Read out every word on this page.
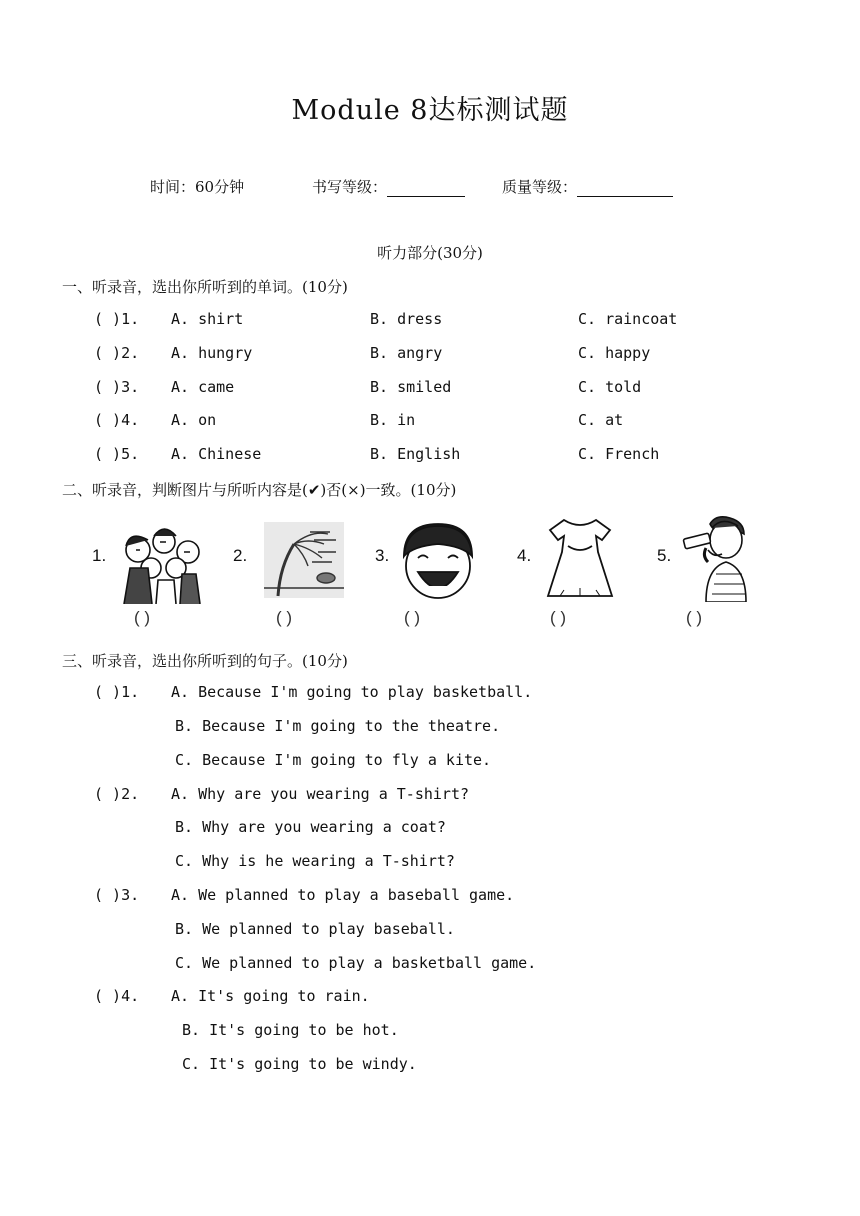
Module 8达标测试题
时间：60分钟	书写等级：	质量等级：
听力部分(30分)
一、听录音，选出你所听到的单词。(10分)
( )1. A. shirt	B. dress	C. raincoat
( )2. A. hungry	B. angry	C. happy
( )3. A. came	B. smiled	C. told
( )4. A. on	B. in	C. at
( )5. A. Chinese	B. English	C. French
二、听录音，判断图片与所听内容是(✔)否(×)一致。(10分)
1.
( )
2.
( )
3.
( )
4.
( )
5.
( )
三、听录音，选出你所听到的句子。(10分)
( )1. A. Because I'm going to play basketball.
B. Because I'm going to the theatre.
C. Because I'm going to fly a kite.
( )2. A. Why are you wearing a T-shirt?
B. Why are you wearing a coat?
C. Why is he wearing a T-shirt?
( )3. A. We planned to play a baseball game.
B. We planned to play baseball.
C. We planned to play a basketball game.
( )4. A. It's going to rain.
B. It's going to be hot.
C. It's going to be windy.
